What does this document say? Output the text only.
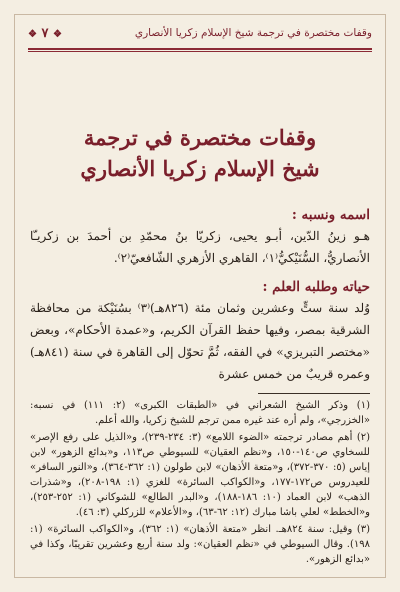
وقفات مختصرة في ترجمة شيخ الإسلام زكريا الأنصاري
❖ ٧ ❖
وقفات مختصرة في ترجمة
شيخ الإسلام زكريا الأنصاري
اسمه ونسبه :

هـو زينُ الدّين، أبـو يحيى، زكريّا بنُ محمّدِ بن أحمدَ بن زكريـّا الأنصاريُّ، السُّنَيْكيُّ⁽١⁾، القاهري الأزهري الشّافعيّ⁽٢⁾.

حياته وطلبه العلم :

وُلد سنة ستٍّ وعشرين وثمان مئة (٨٢٦هـ)⁽٣⁾ بسُنَيْكة من محافظة الشرقية بمصر، وفيها حفظ القرآن الكريم، و«عمدة الأحكام»، وبعض «مختصر التبريزي» في الفقه، ثُمَّ تحوّل إلى القاهرة في سنة (٨٤١هـ) وعمره قريبٌ من خمس عشرة

(١) وذكر الشيخ الشعراني في «الطبقات الكبرى» (٢: ١١١) في نسبه: «الخزرجي»، ولم أره عند غيره ممن ترجم للشيخ زكريا، والله أعلم.

(٢) أهم مصادر ترجمته «الضوء اللامع» (٣: ٢٣٤-٢٣٩)، و«الذيل على رفع الإصر» للسخاوي ص١٤٠-١٥٠، و«نظم العقيان» للسيوطي ص١١٣، و«بدائع الزهور» لابن إياس (٥: ٣٧٠-٣٧٢)، و«متعة الأذهان» لابن طولون (١: ٣٦٢-٣٦٤)، و«النور السافر» للعيدروس ص١٧٢-١٧٧، و«الكواكب السائرة» للغزي (١: ١٩٨-٢٠٨)، و«شذرات الذهب» لابن العماد (١٠: ١٨٦-١٨٨)، و«البدر الطالع» للشوكاني (١: ٢٥٢-٢٥٣)، و«الخطط» لعلي باشا مبارك (١٢: ٦٢-٦٣)، و«الأعلام» للزركلي (٣: ٤٦).

(٣) وقيل: سنة ٨٢٤هـ. انظر «متعة الأذهان» (١: ٣٦٢)، و«الكواكب السائرة» (١: ١٩٨). وقال السيوطي في «نظم العقيان»: ولد سنة أربع وعشرين تقريبًا، وكذا في «بدائع الزهور».
